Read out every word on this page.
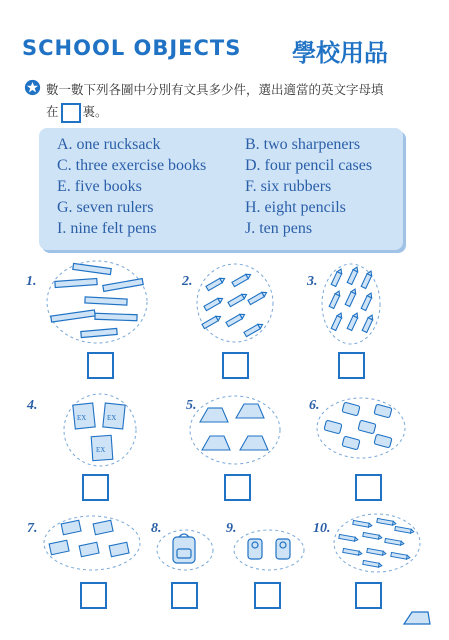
SCHOOL OBJECTS 學校用品
數一數下列各圖中分別有文具多少件，選出適當的英文字母填
在 裏。
A. one rucksack	B. two sharpeners
C. three exercise books D. four pencil cases
E. five books	F. six rubbers
G. seven rulers	H. eight pencils
I. nine felt pens	J. ten pens
1.	2.	3.
4.
EX	EX
EX
5.	6.
7.	8.	9.	10.
